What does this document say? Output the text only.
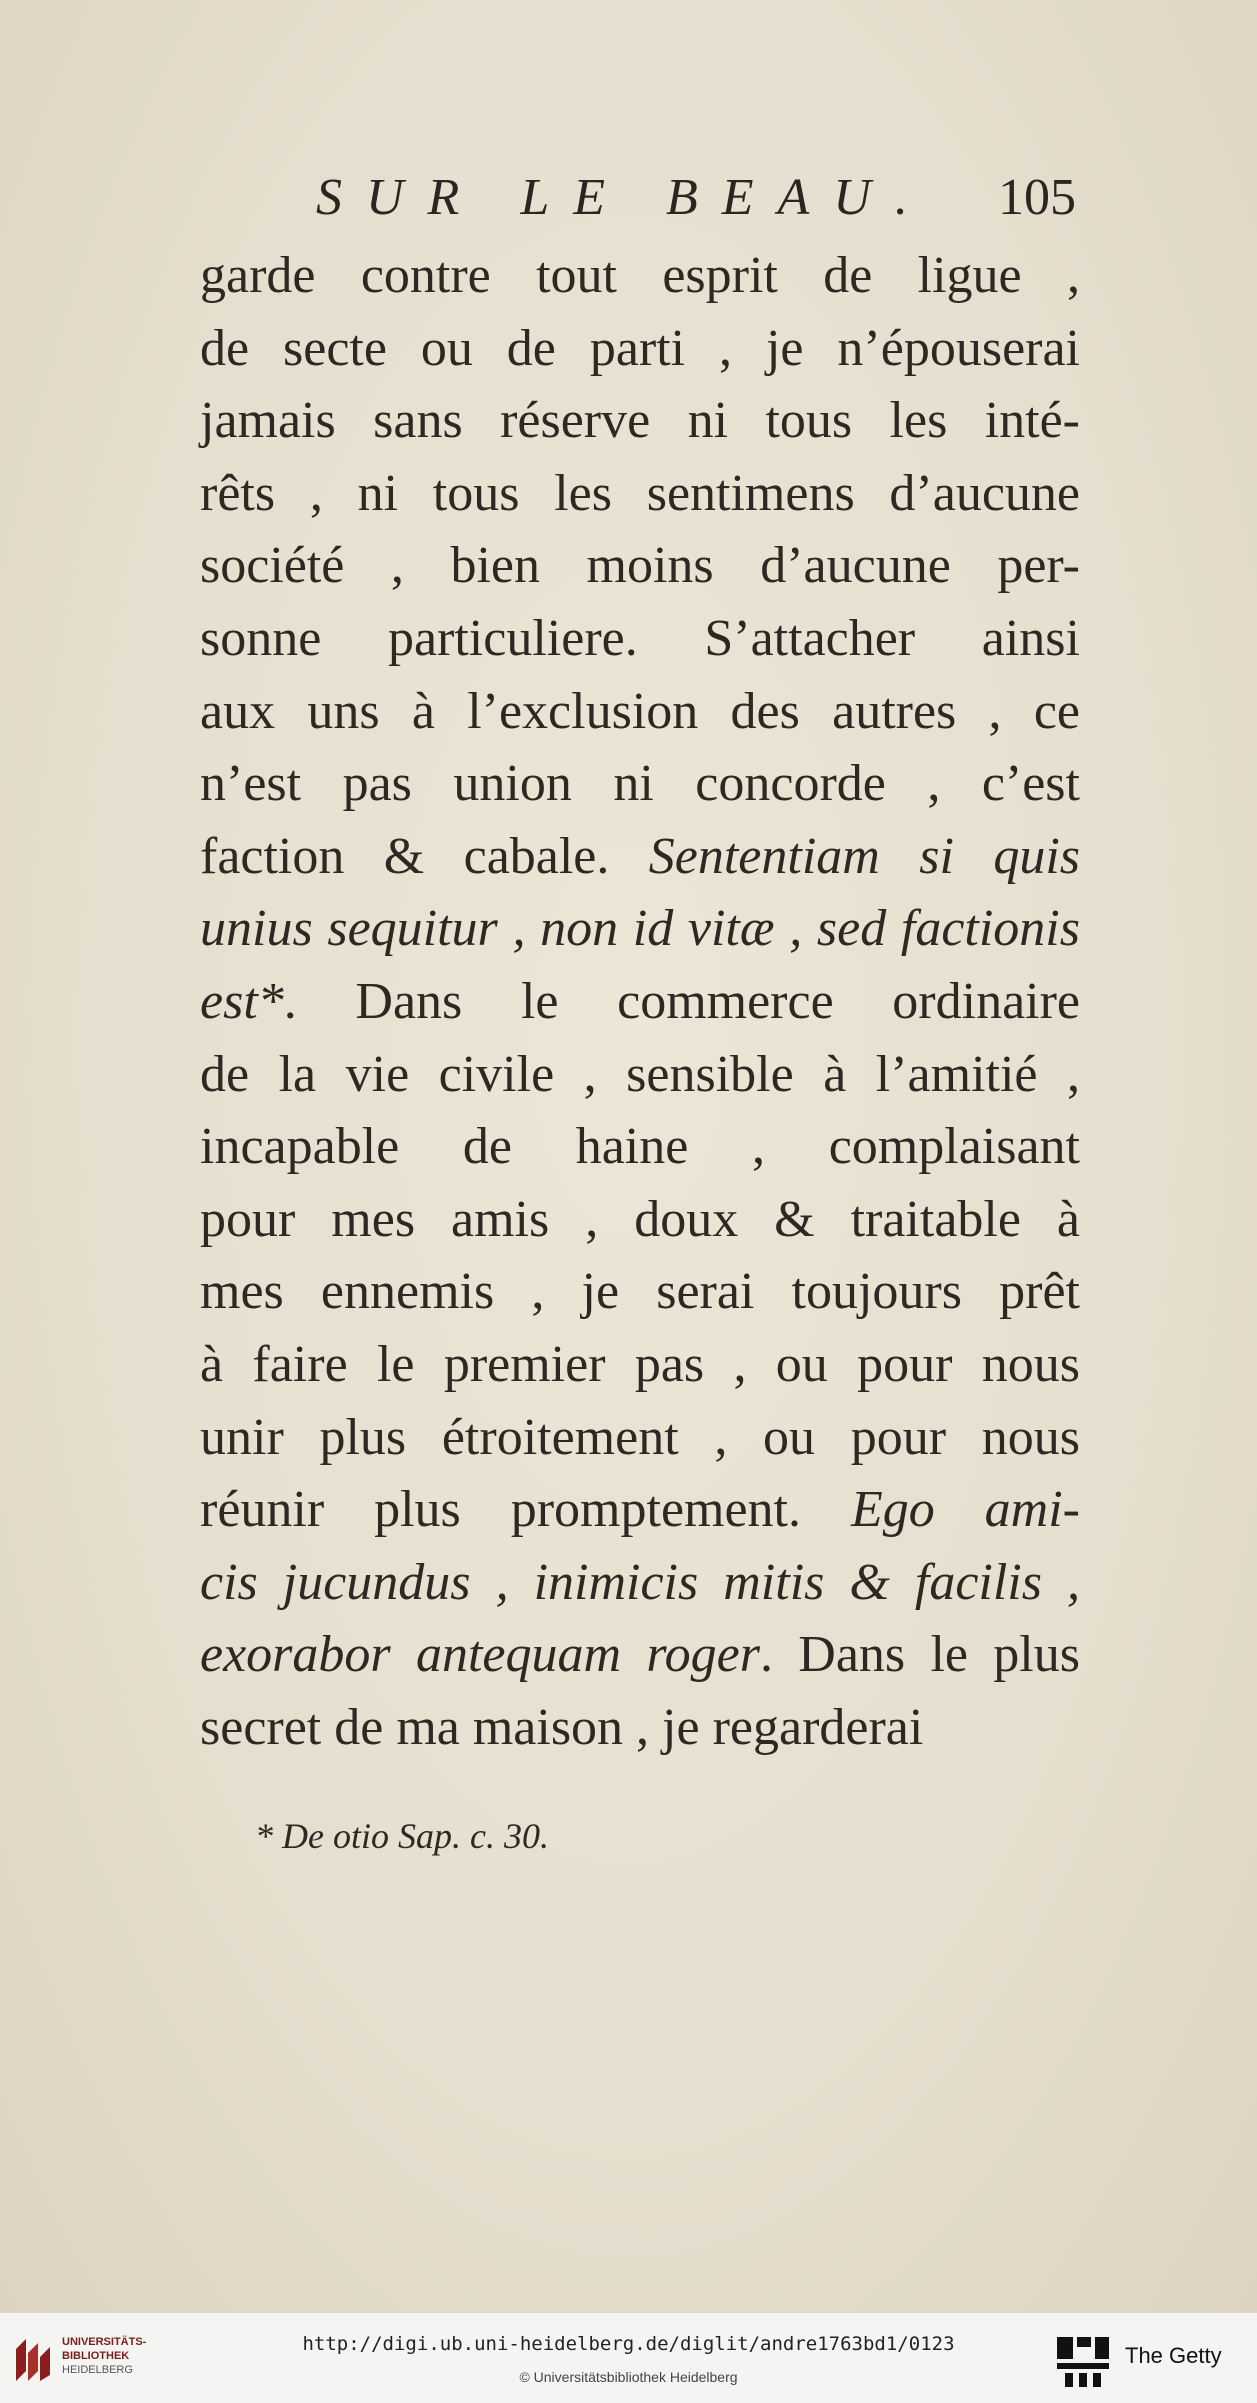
SUR LE BEAU. 105
garde contre tout esprit de ligue ,
de secte ou de parti , je n’épouserai
jamais sans réserve ni tous les inté-
rêts , ni tous les sentimens d’aucune
société , bien moins d’aucune per-
sonne particuliere. S’attacher ainsi
aux uns à l’exclusion des autres , ce
n’est pas union ni concorde , c’est
faction & cabale. Sententiam si quis
unius sequitur , non id vitæ , sed factionis
est*. Dans le commerce ordinaire
de la vie civile , sensible à l’amitié ,
incapable de haine , complaisant
pour mes amis , doux & traitable à
mes ennemis , je serai toujours prêt
à faire le premier pas , ou pour nous
unir plus étroitement , ou pour nous
réunir plus promptement. Ego ami-
cis jucundus , inimicis mitis & facilis ,
exorabor antequam roger. Dans le plus
secret de ma maison , je regarderai
* De otio Sap. c. 30.
UNIVERSITÄTS-
BIBLIOTHEK
HEIDELBERG
http://digi.ub.uni-heidelberg.de/diglit/andre1763bd1/0123
© Universitätsbibliothek Heidelberg
The Getty
